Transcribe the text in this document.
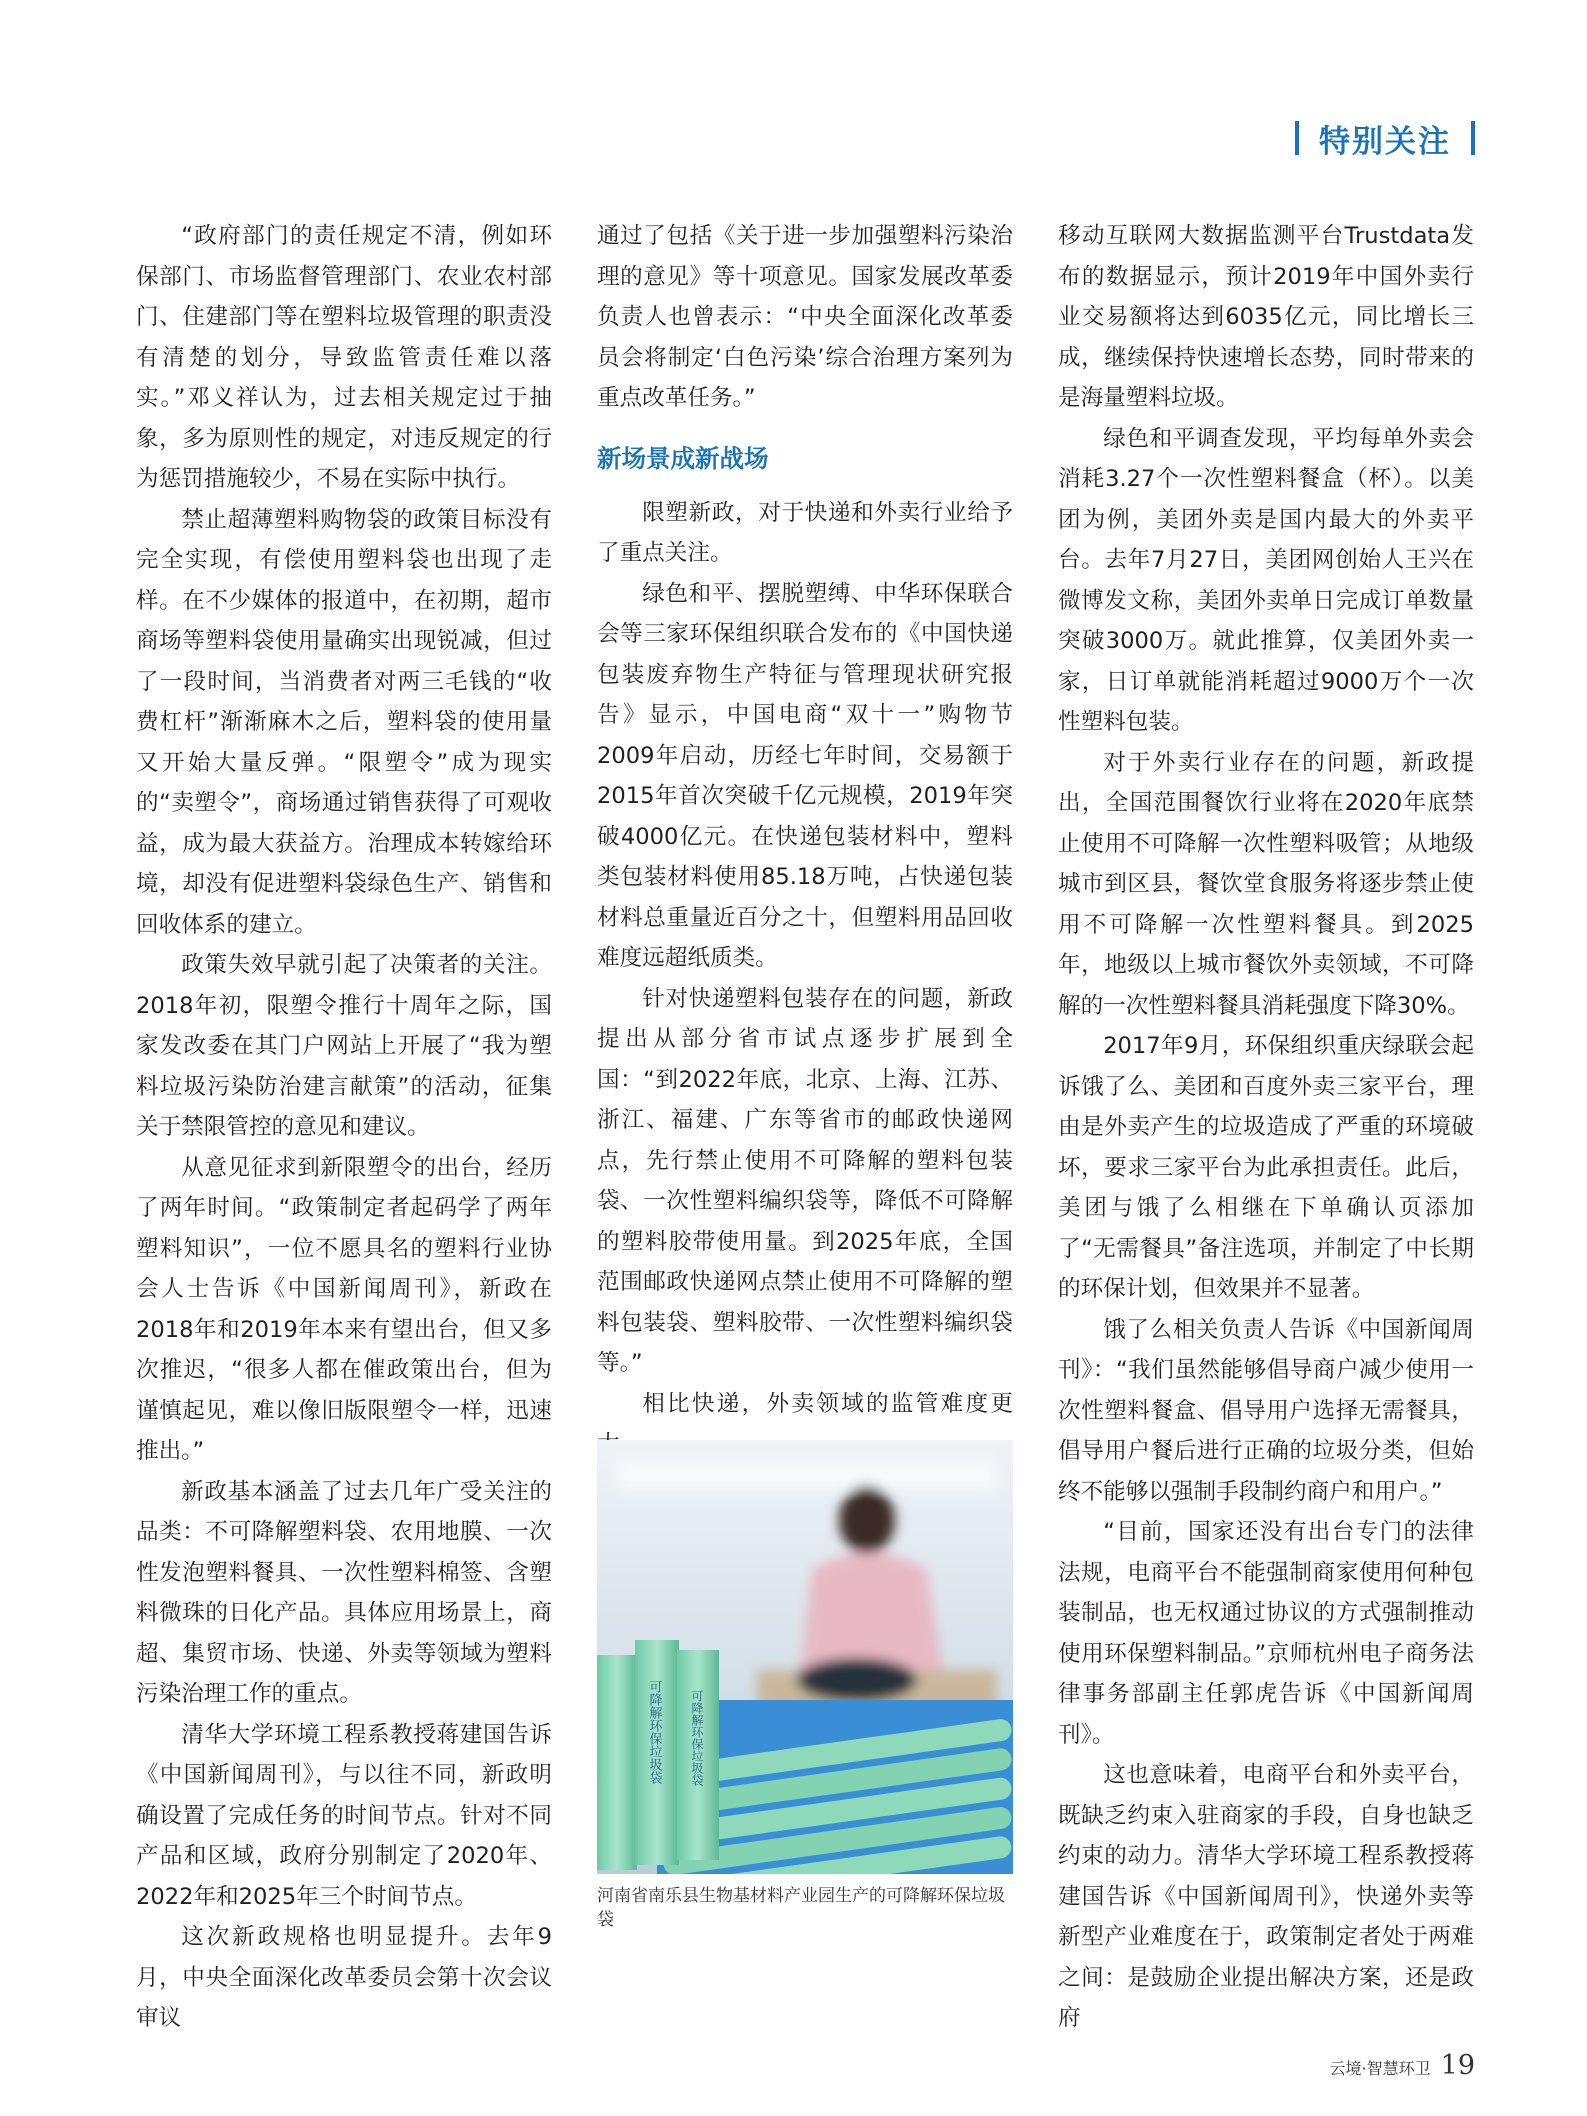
特别关注

“政府部门的责任规定不清，例如环保部门、市场监督管理部门、农业农村部门、住建部门等在塑料垃圾管理的职责没有清楚的划分，导致监管责任难以落实。”邓义祥认为，过去相关规定过于抽象，多为原则性的规定，对违反规定的行为惩罚措施较少，不易在实际中执行。

禁止超薄塑料购物袋的政策目标没有完全实现，有偿使用塑料袋也出现了走样。在不少媒体的报道中，在初期，超市商场等塑料袋使用量确实出现锐减，但过了一段时间，当消费者对两三毛钱的“收费杠杆”渐渐麻木之后，塑料袋的使用量又开始大量反弹。“限塑令”成为现实的“卖塑令”，商场通过销售获得了可观收益，成为最大获益方。治理成本转嫁给环境，却没有促进塑料袋绿色生产、销售和回收体系的建立。

政策失效早就引起了决策者的关注。2018年初，限塑令推行十周年之际，国家发改委在其门户网站上开展了“我为塑料垃圾污染防治建言献策”的活动，征集关于禁限管控的意见和建议。

从意见征求到新限塑令的出台，经历了两年时间。“政策制定者起码学了两年塑料知识”，一位不愿具名的塑料行业协会人士告诉《中国新闻周刊》，新政在2018年和2019年本来有望出台，但又多次推迟，“很多人都在催政策出台，但为谨慎起见，难以像旧版限塑令一样，迅速推出。”

新政基本涵盖了过去几年广受关注的品类：不可降解塑料袋、农用地膜、一次性发泡塑料餐具、一次性塑料棉签、含塑料微珠的日化产品。具体应用场景上，商超、集贸市场、快递、外卖等领域为塑料污染治理工作的重点。

清华大学环境工程系教授蒋建国告诉《中国新闻周刊》，与以往不同，新政明确设置了完成任务的时间节点。针对不同产品和区域，政府分别制定了2020年、2022年和2025年三个时间节点。

这次新政规格也明显提升。去年9月，中央全面深化改革委员会第十次会议审议

通过了包括《关于进一步加强塑料污染治理的意见》等十项意见。国家发展改革委负责人也曾表示：“中央全面深化改革委员会将制定‘白色污染’综合治理方案列为重点改革任务。”

新场景成新战场

限塑新政，对于快递和外卖行业给予了重点关注。

绿色和平、摆脱塑缚、中华环保联合会等三家环保组织联合发布的《中国快递包装废弃物生产特征与管理现状研究报告》显示，中国电商“双十一”购物节2009年启动，历经七年时间，交易额于2015年首次突破千亿元规模，2019年突破4000亿元。在快递包装材料中，塑料类包装材料使用85.18万吨，占快递包装材料总重量近百分之十，但塑料用品回收难度远超纸质类。

针对快递塑料包装存在的问题，新政提出从部分省市试点逐步扩展到全国：“到2022年底，北京、上海、江苏、浙江、福建、广东等省市的邮政快递网点，先行禁止使用不可降解的塑料包装袋、一次性塑料编织袋等，降低不可降解的塑料胶带使用量。到2025年底，全国范围邮政快递网点禁止使用不可降解的塑料包装袋、塑料胶带、一次性塑料编织袋等。”

相比快递，外卖领域的监管难度更

可降解环保垃圾袋 可降解环保垃圾袋
河南省南乐县生物基材料产业园生产的可降解环保垃圾袋

移动互联网大数据监测平台Trustdata发布的数据显示，预计2019年中国外卖行业交易额将达到6035亿元，同比增长三成，继续保持快速增长态势，同时带来的是海量塑料垃圾。

绿色和平调查发现，平均每单外卖会消耗3.27个一次性塑料餐盒（杯）。以美团为例，美团外卖是国内最大的外卖平台。去年7月27日，美团网创始人王兴在微博发文称，美团外卖单日完成订单数量突破3000万。就此推算，仅美团外卖一家，日订单就能消耗超过9000万个一次性塑料包装。

对于外卖行业存在的问题，新政提出，全国范围餐饮行业将在2020年底禁止使用不可降解一次性塑料吸管；从地级城市到区县，餐饮堂食服务将逐步禁止使用不可降解一次性塑料餐具。到2025年，地级以上城市餐饮外卖领域，不可降解的一次性塑料餐具消耗强度下降30%。

2017年9月，环保组织重庆绿联会起诉饿了么、美团和百度外卖三家平台，理由是外卖产生的垃圾造成了严重的环境破坏，要求三家平台为此承担责任。此后，美团与饿了么相继在下单确认页添加了“无需餐具”备注选项，并制定了中长期的环保计划，但效果并不显著。

饿了么相关负责人告诉《中国新闻周刊》：“我们虽然能够倡导商户减少使用一次性塑料餐盒、倡导用户选择无需餐具，倡导用户餐后进行正确的垃圾分类，但始终不能够以强制手段制约商户和用户。”

“目前，国家还没有出台专门的法律法规，电商平台不能强制商家使用何种包装制品，也无权通过协议的方式强制推动使用环保塑料制品。”京师杭州电子商务法律事务部副主任郭虎告诉《中国新闻周刊》。

这也意味着，电商平台和外卖平台，既缺乏约束入驻商家的手段，自身也缺乏约束的动力。清华大学环境工程系教授蒋建国告诉《中国新闻周刊》，快递外卖等新型产业难度在于，政策制定者处于两难之间：是鼓励企业提出解决方案，还是政府

云境·智慧环卫 19
